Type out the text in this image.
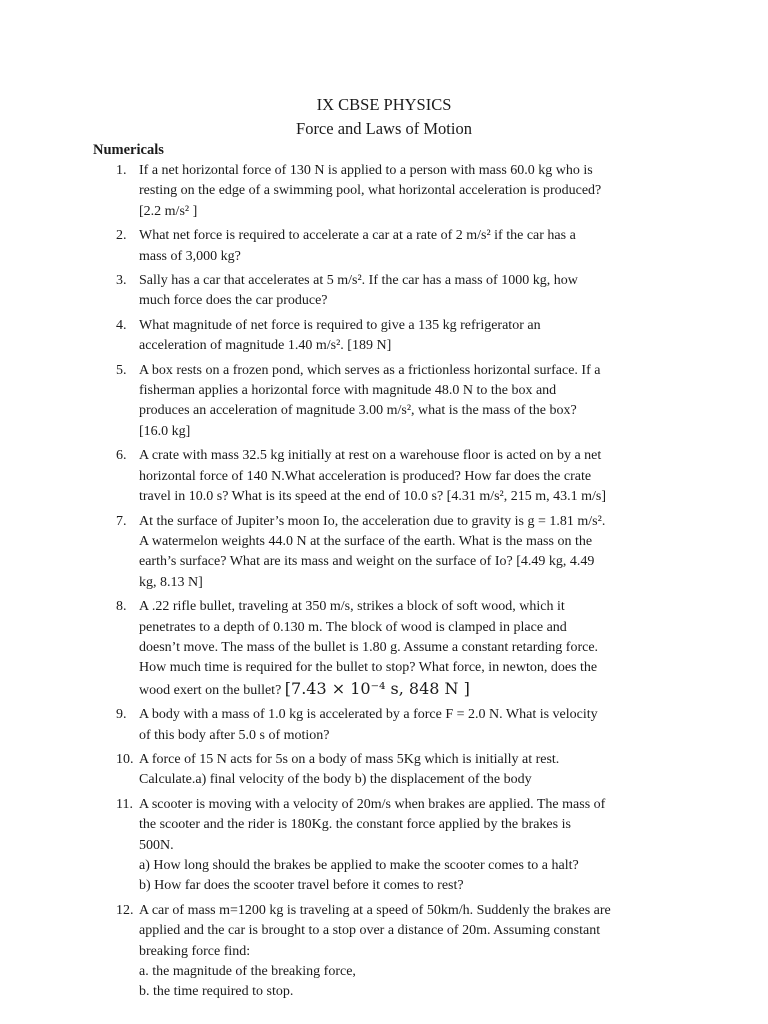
IX CBSE PHYSICS
Force and Laws of Motion
Numericals
1. If a net horizontal force of 130 N is applied to a person with mass 60.0 kg who is
resting on the edge of a swimming pool, what horizontal acceleration is produced?
[2.2 m/s² ]
2. What net force is required to accelerate a car at a rate of 2 m/s² if the car has a
mass of 3,000 kg?
3. Sally has a car that accelerates at 5 m/s². If the car has a mass of 1000 kg, how
much force does the car produce?
4. What magnitude of net force is required to give a 135 kg refrigerator an
acceleration of magnitude 1.40 m/s². [189 N]
5. A box rests on a frozen pond, which serves as a frictionless horizontal surface. If a
fisherman applies a horizontal force with magnitude 48.0 N to the box and
produces an acceleration of magnitude 3.00 m/s², what is the mass of the box?
[16.0 kg]
6. A crate with mass 32.5 kg initially at rest on a warehouse floor is acted on by a net
horizontal force of 140 N.What acceleration is produced? How far does the crate
travel in 10.0 s? What is its speed at the end of 10.0 s? [4.31 m/s², 215 m, 43.1 m/s]
7. At the surface of Jupiter’s moon Io, the acceleration due to gravity is g = 1.81 m/s².
A watermelon weights 44.0 N at the surface of the earth. What is the mass on the
earth’s surface? What are its mass and weight on the surface of Io? [4.49 kg, 4.49
kg, 8.13 N]
8. A .22 rifle bullet, traveling at 350 m/s, strikes a block of soft wood, which it
penetrates to a depth of 0.130 m. The block of wood is clamped in place and
doesn’t move. The mass of the bullet is 1.80 g. Assume a constant retarding force.
How much time is required for the bullet to stop? What force, in newton, does the
wood exert on the bullet? [7.43 × 10⁻⁴ s, 848 N ]
9. A body with a mass of 1.0 kg is accelerated by a force F = 2.0 N. What is velocity
of this body after 5.0 s of motion?
10. A force of 15 N acts for 5s on a body of mass 5Kg which is initially at rest.
Calculate.a) final velocity of the body b) the displacement of the body
11. A scooter is moving with a velocity of 20m/s when brakes are applied. The mass of
the scooter and the rider is 180Kg. the constant force applied by the brakes is
500N.
a) How long should the brakes be applied to make the scooter comes to a halt?
b) How far does the scooter travel before it comes to rest?
12. A car of mass m=1200 kg is traveling at a speed of 50km/h. Suddenly the brakes are
applied and the car is brought to a stop over a distance of 20m. Assuming constant
breaking force find:
a. the magnitude of the breaking force,
b. the time required to stop.
